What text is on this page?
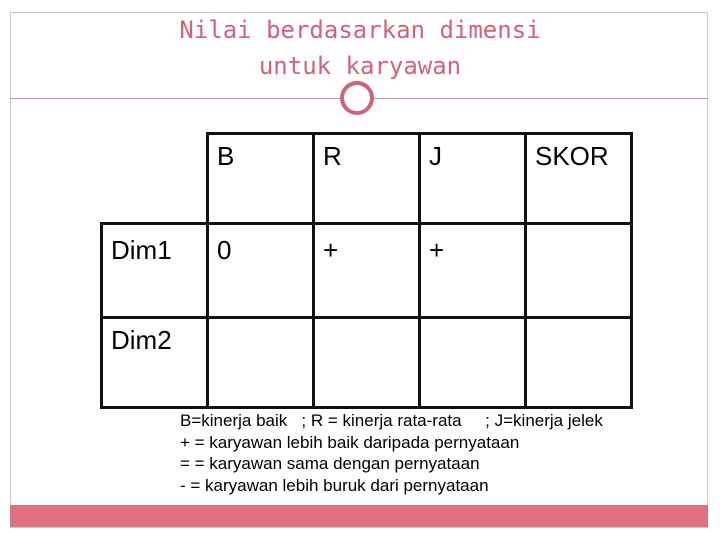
Nilai berdasarkan dimensi
untuk karyawan
	B	R	J	SKOR
Dim1	0	+	+	
Dim2				
B=kinerja baik   ; R = kinerja rata-rata     ; J=kinerja jelek
+ = karyawan lebih baik daripada pernyataan
= = karyawan sama dengan pernyataan
- = karyawan lebih buruk dari pernyataan
